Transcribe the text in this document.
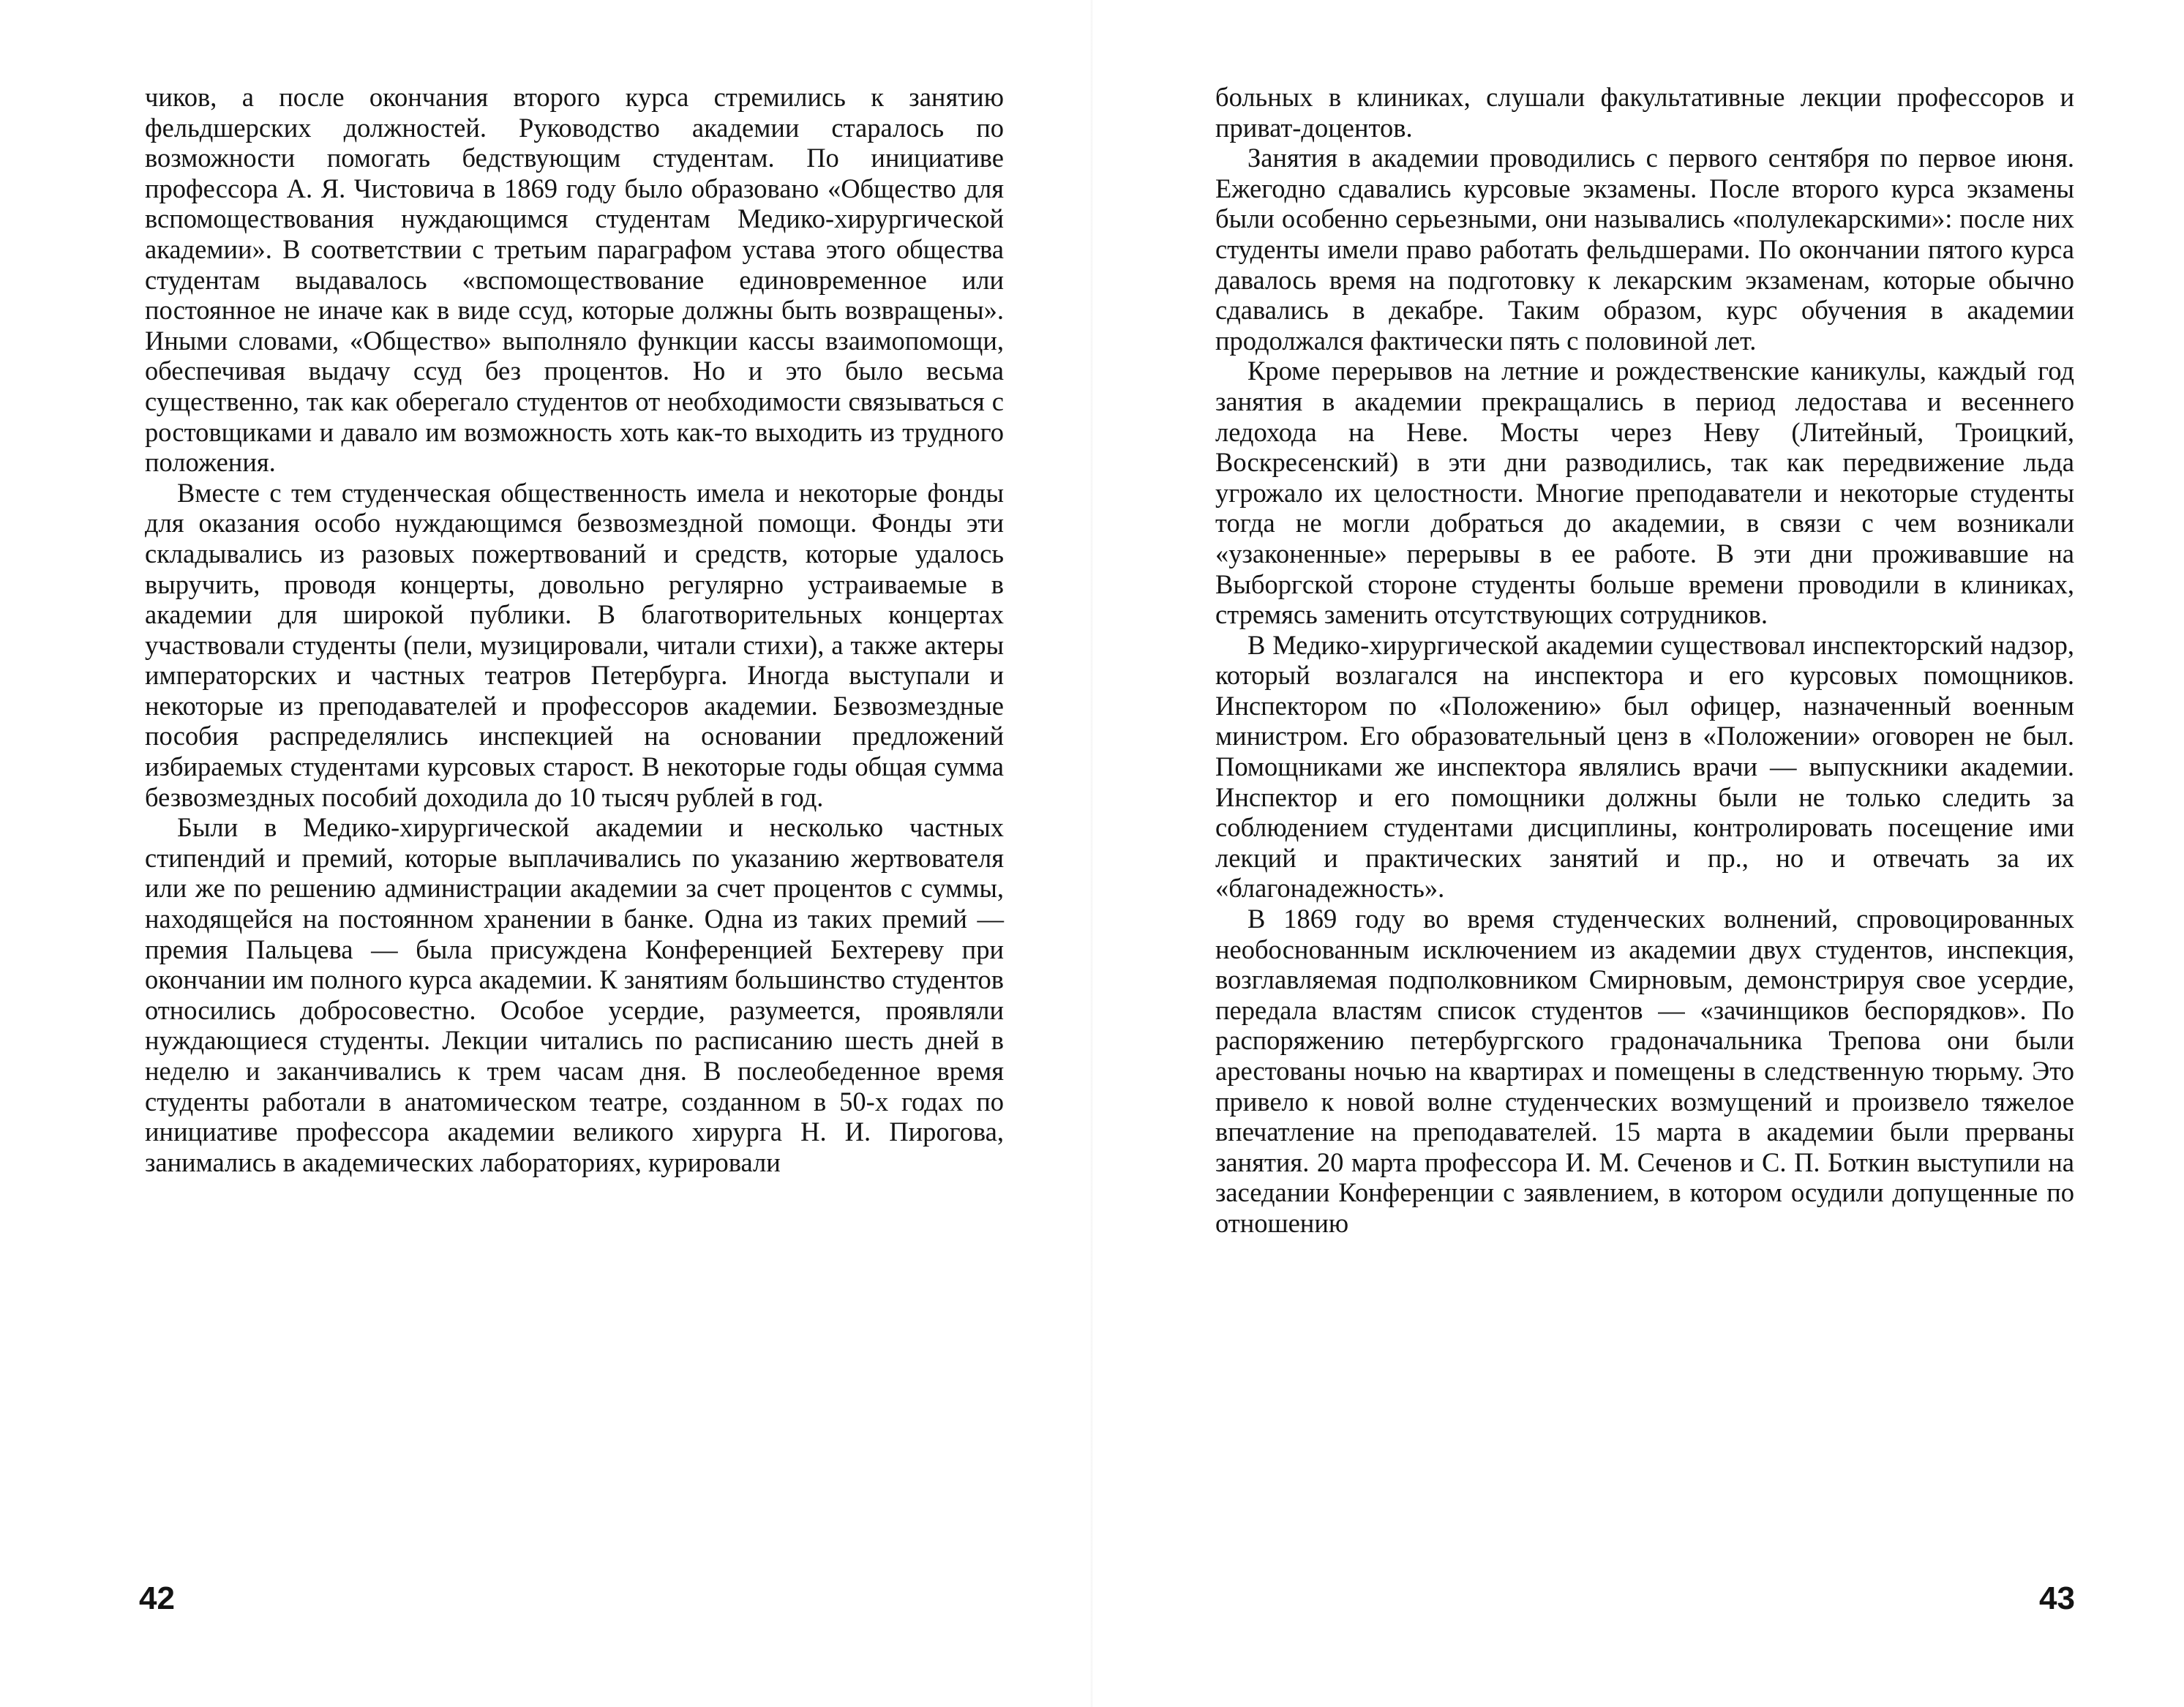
чиков, а после окончания второго курса стремились к занятию фельдшерских должностей. Руководство академии старалось по возможности помогать бедствующим студентам. По инициативе профессора А. Я. Чистовича в 1869 году было образовано «Общество для вспомоществования нуждающимся студентам Медико-хирургической академии». В соответствии с третьим параграфом устава этого общества студентам выдавалось «вспомоществование единовременное или постоянное не иначе как в виде ссуд, которые должны быть возвращены». Иными словами, «Общество» выполняло функции кассы взаимопомощи, обеспечивая выдачу ссуд без процентов. Но и это было весьма существенно, так как оберегало студентов от необходимости связываться с ростовщиками и давало им возможность хоть как-то выходить из трудного положения.

Вместе с тем студенческая общественность имела и некоторые фонды для оказания особо нуждающимся безвозмездной помощи. Фонды эти складывались из разовых пожертвований и средств, которые удалось выручить, проводя концерты, довольно регулярно устраиваемые в академии для широкой публики. В благотворительных концертах участвовали студенты (пели, музицировали, читали стихи), а также актеры императорских и частных театров Петербурга. Иногда выступали и некоторые из преподавателей и профессоров академии. Безвозмездные пособия распределялись инспекцией на основании предложений избираемых студентами курсовых старост. В некоторые годы общая сумма безвозмездных пособий доходила до 10 тысяч рублей в год.

Были в Медико-хирургической академии и несколько частных стипендий и премий, которые выплачивались по указанию жертвователя или же по решению администрации академии за счет процентов с суммы, находящейся на постоянном хранении в банке. Одна из таких премий — премия Пальцева — была присуждена Конференцией Бехтереву при окончании им полного курса академии. К занятиям большинство студентов относились добросовестно. Особое усердие, разумеется, проявляли нуждающиеся студенты. Лекции читались по расписанию шесть дней в неделю и заканчивались к трем часам дня. В послеобеденное время студенты работали в анатомическом театре, созданном в 50-х годах по инициативе профессора академии великого хирурга Н. И. Пирогова, занимались в академических лабораториях, курировали

42

больных в клиниках, слушали факультативные лекции профессоров и приват-доцентов.

Занятия в академии проводились с первого сентября по первое июня. Ежегодно сдавались курсовые экзамены. После второго курса экзамены были особенно серьезными, они назывались «полулекарскими»: после них студенты имели право работать фельдшерами. По окончании пятого курса давалось время на подготовку к лекарским экзаменам, которые обычно сдавались в декабре. Таким образом, курс обучения в академии продолжался фактически пять с половиной лет.

Кроме перерывов на летние и рождественские каникулы, каждый год занятия в академии прекращались в период ледостава и весеннего ледохода на Неве. Мосты через Неву (Литейный, Троицкий, Воскресенский) в эти дни разводились, так как передвижение льда угрожало их целостности. Многие преподаватели и некоторые студенты тогда не могли добраться до академии, в связи с чем возникали «узаконенные» перерывы в ее работе. В эти дни проживавшие на Выборгской стороне студенты больше времени проводили в клиниках, стремясь заменить отсутствующих сотрудников.

В Медико-хирургической академии существовал инспекторский надзор, который возлагался на инспектора и его курсовых помощников. Инспектором по «Положению» был офицер, назначенный военным министром. Его образовательный ценз в «Положении» оговорен не был. Помощниками же инспектора являлись врачи — выпускники академии. Инспектор и его помощники должны были не только следить за соблюдением студентами дисциплины, контролировать посещение ими лекций и практических занятий и пр., но и отвечать за их «благонадежность».

В 1869 году во время студенческих волнений, спровоцированных необоснованным исключением из академии двух студентов, инспекция, возглавляемая подполковником Смирновым, демонстрируя свое усердие, передала властям список студентов — «зачинщиков беспорядков». По распоряжению петербургского градоначальника Трепова они были арестованы ночью на квартирах и помещены в следственную тюрьму. Это привело к новой волне студенческих возмущений и произвело тяжелое впечатление на преподавателей. 15 марта в академии были прерваны занятия. 20 марта профессора И. М. Сеченов и С. П. Боткин выступили на заседании Конференции с заявлением, в котором осудили допущенные по отношению

43
